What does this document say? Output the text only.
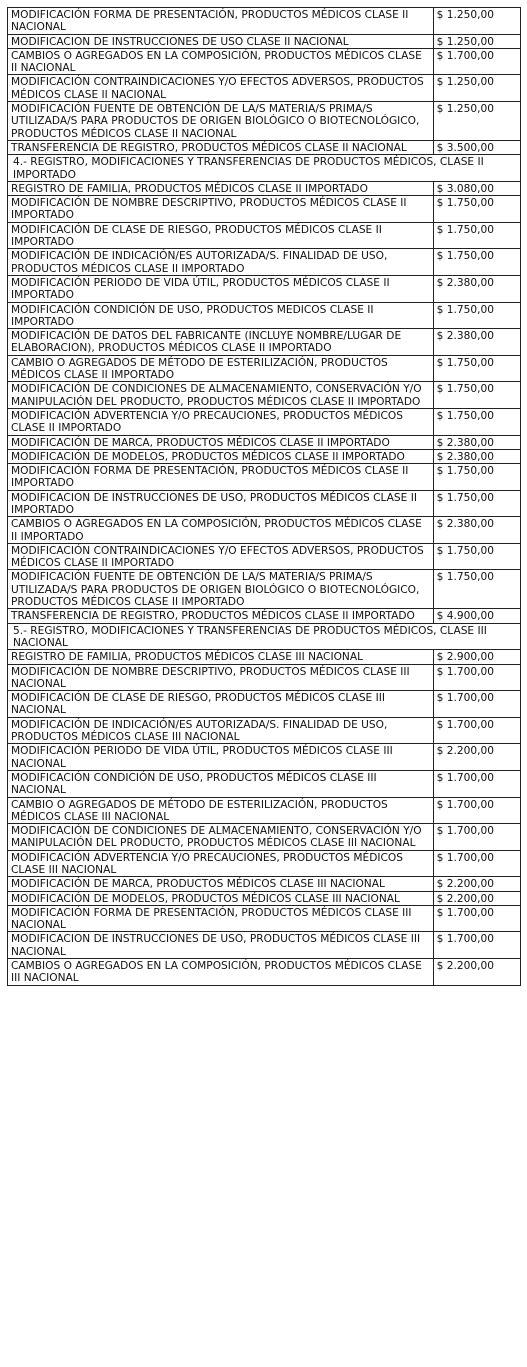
MODIFICACIÓN FORMA DE PRESENTACIÓN, PRODUCTOS MÉDICOS CLASE II NACIONAL	$ 1.250,00
MODIFICACION DE INSTRUCCIONES DE USO CLASE II NACIONAL	$ 1.250,00
CAMBIOS O AGREGADOS EN LA COMPOSICIÓN, PRODUCTOS MÉDICOS CLASE II NACIONAL	$ 1.700,00
MODIFICACIÓN CONTRAINDICACIONES Y/O EFECTOS ADVERSOS, PRODUCTOS MÉDICOS CLASE II NACIONAL	$ 1.250,00
MODIFICACIÓN FUENTE DE OBTENCIÓN DE LA/S MATERIA/S PRIMA/S UTILIZADA/S PARA PRODUCTOS DE ORIGEN BIOLÓGICO O BIOTECNOLÓGICO, PRODUCTOS MÉDICOS CLASE II NACIONAL	$ 1.250,00
TRANSFERENCIA DE REGISTRO, PRODUCTOS MÉDICOS CLASE II NACIONAL	$ 3.500,00
4.- REGISTRO, MODIFICACIONES Y TRANSFERENCIAS DE PRODUCTOS MÉDICOS, CLASE II IMPORTADO	
REGISTRO DE FAMILIA, PRODUCTOS MÉDICOS CLASE II IMPORTADO	$ 3.080,00
MODIFICACIÓN DE NOMBRE DESCRIPTIVO, PRODUCTOS MÉDICOS CLASE II IMPORTADO	$ 1.750,00
MODIFICACIÓN DE CLASE DE RIESGO, PRODUCTOS MÉDICOS CLASE II IMPORTADO	$ 1.750,00
MODIFICACIÓN DE INDICACIÓN/ES AUTORIZADA/S. FINALIDAD DE USO, PRODUCTOS MÉDICOS CLASE II IMPORTADO	$ 1.750,00
MODIFICACIÓN PERIODO DE VIDA ÚTIL, PRODUCTOS MÉDICOS CLASE II IMPORTADO	$ 2.380,00
MODIFICACIÓN CONDICIÓN DE USO, PRODUCTOS MEDICOS CLASE II IMPORTADO	$ 1.750,00
MODIFICACIÓN DE DATOS DEL FABRICANTE (INCLUYE NOMBRE/LUGAR DE ELABORACION), PRODUCTOS MÉDICOS CLASE II IMPORTADO	$ 2.380,00
CAMBIO O AGREGADOS DE MÉTODO DE ESTERILIZACIÓN, PRODUCTOS MÉDICOS CLASE II IMPORTADO	$ 1.750,00
MODIFICACIÓN DE CONDICIONES DE ALMACENAMIENTO, CONSERVACIÓN Y/O MANIPULACIÓN DEL PRODUCTO, PRODUCTOS MÉDICOS CLASE II IMPORTADO	$ 1.750,00
MODIFICACIÓN ADVERTENCIA Y/O PRECAUCIONES, PRODUCTOS MÉDICOS CLASE II IMPORTADO	$ 1.750,00
MODIFICACIÓN DE MARCA, PRODUCTOS MÉDICOS CLASE II IMPORTADO	$ 2.380,00
MODIFICACIÓN DE MODELOS, PRODUCTOS MÉDICOS CLASE II IMPORTADO	$ 2.380,00
MODIFICACIÓN FORMA DE PRESENTACIÓN, PRODUCTOS MÉDICOS CLASE II IMPORTADO	$ 1.750,00
MODIFICACION DE INSTRUCCIONES DE USO, PRODUCTOS MÉDICOS CLASE II IMPORTADO	$ 1.750,00
CAMBIOS O AGREGADOS EN LA COMPOSICIÓN, PRODUCTOS MÉDICOS CLASE II IMPORTADO	$ 2.380,00
MODIFICACIÓN CONTRAINDICACIONES Y/O EFECTOS ADVERSOS, PRODUCTOS MÉDICOS CLASE II IMPORTADO	$ 1.750,00
MODIFICACIÓN FUENTE DE OBTENCIÓN DE LA/S MATERIA/S PRIMA/S UTILIZADA/S PARA PRODUCTOS DE ORIGEN BIOLÓGICO O BIOTECNOLÓGICO, PRODUCTOS MÉDICOS CLASE II IMPORTADO	$ 1.750,00
TRANSFERENCIA DE REGISTRO, PRODUCTOS MÉDICOS CLASE II IMPORTADO	$ 4.900,00
5.- REGISTRO, MODIFICACIONES Y TRANSFERENCIAS DE PRODUCTOS MÉDICOS, CLASE III NACIONAL	
REGISTRO DE FAMILIA, PRODUCTOS MÉDICOS CLASE III NACIONAL	$ 2.900,00
MODIFICACIÓN DE NOMBRE DESCRIPTIVO, PRODUCTOS MÉDICOS CLASE III NACIONAL	$ 1.700,00
MODIFICACIÓN DE CLASE DE RIESGO, PRODUCTOS MÉDICOS CLASE III NACIONAL	$ 1.700,00
MODIFICACIÓN DE INDICACIÓN/ES AUTORIZADA/S. FINALIDAD DE USO, PRODUCTOS MÉDICOS CLASE III NACIONAL	$ 1.700,00
MODIFICACIÓN PERIODO DE VIDA ÚTIL, PRODUCTOS MÉDICOS CLASE III NACIONAL	$ 2.200,00
MODIFICACIÓN CONDICIÓN DE USO, PRODUCTOS MÉDICOS CLASE III NACIONAL	$ 1.700,00
CAMBIO O AGREGADOS DE MÉTODO DE ESTERILIZACIÓN, PRODUCTOS MÉDICOS CLASE III NACIONAL	$ 1.700,00
MODIFICACIÓN DE CONDICIONES DE ALMACENAMIENTO, CONSERVACIÓN Y/O MANIPULACIÓN DEL PRODUCTO, PRODUCTOS MÉDICOS CLASE III NACIONAL	$ 1.700,00
MODIFICACIÓN ADVERTENCIA Y/O PRECAUCIONES, PRODUCTOS MÉDICOS CLASE III NACIONAL	$ 1.700,00
MODIFICACIÓN DE MARCA, PRODUCTOS MÉDICOS CLASE III NACIONAL	$ 2.200,00
MODIFICACIÓN DE MODELOS, PRODUCTOS MÉDICOS CLASE III NACIONAL	$ 2.200,00
MODIFICACIÓN FORMA DE PRESENTACIÓN, PRODUCTOS MÉDICOS CLASE III NACIONAL	$ 1.700,00
MODIFICACION DE INSTRUCCIONES DE USO, PRODUCTOS MÉDICOS CLASE III NACIONAL	$ 1.700,00
CAMBIOS O AGREGADOS EN LA COMPOSICIÓN, PRODUCTOS MÉDICOS CLASE III NACIONAL	$ 2.200,00
